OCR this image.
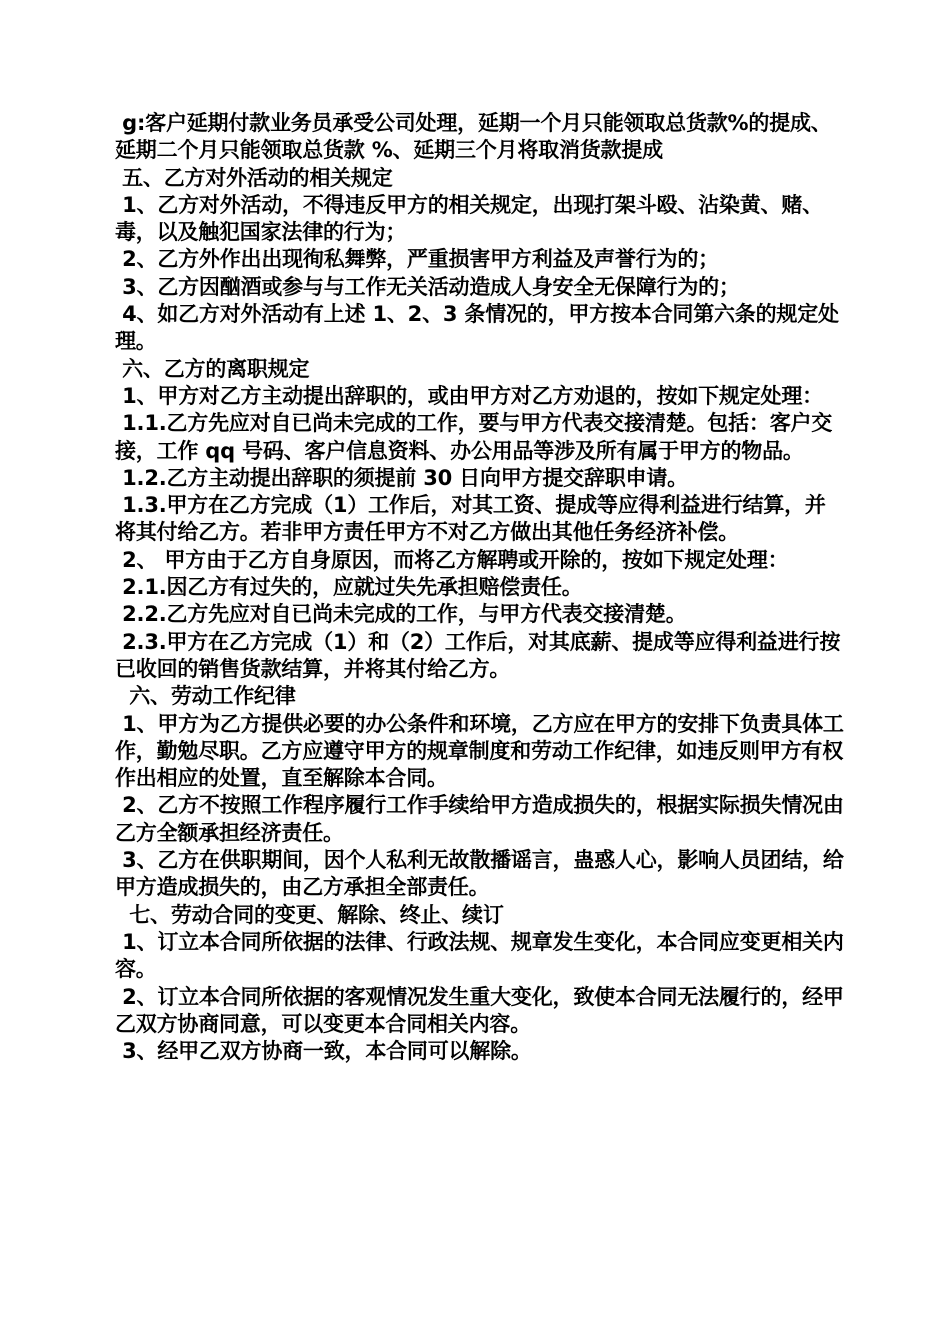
g:客户延期付款业务员承受公司处理，延期一个月只能领取总货款%的提成、延期二个月只能领取总货款 %、延期三个月将取消货款提成

五、乙方对外活动的相关规定

1、乙方对外活动，不得违反甲方的相关规定，出现打架斗殴、沾染黄、赌、毒，以及触犯国家法律的行为；

2、乙方外作出出现徇私舞弊，严重损害甲方利益及声誉行为的；

3、乙方因酗酒或参与与工作无关活动造成人身安全无保障行为的；

4、如乙方对外活动有上述 1、2、3 条情况的，甲方按本合同第六条的规定处理。

六、乙方的离职规定

1、甲方对乙方主动提出辞职的，或由甲方对乙方劝退的，按如下规定处理：

1.1.乙方先应对自已尚未完成的工作，要与甲方代表交接清楚。包括：客户交接，工作 qq 号码、客户信息资料、办公用品等涉及所有属于甲方的物品。

1.2.乙方主动提出辞职的须提前 30 日向甲方提交辞职申请。

1.3.甲方在乙方完成（1）工作后，对其工资、提成等应得利益进行结算，并将其付给乙方。若非甲方责任甲方不对乙方做出其他任务经济补偿。

2、 甲方由于乙方自身原因，而将乙方解聘或开除的，按如下规定处理：

2.1.因乙方有过失的，应就过失先承担赔偿责任。

2.2.乙方先应对自已尚未完成的工作，与甲方代表交接清楚。

2.3.甲方在乙方完成（1）和（2）工作后，对其底薪、提成等应得利益进行按已收回的销售货款结算，并将其付给乙方。

六、劳动工作纪律

1、甲方为乙方提供必要的办公条件和环境，乙方应在甲方的安排下负责具体工作，勤勉尽职。乙方应遵守甲方的规章制度和劳动工作纪律，如违反则甲方有权作出相应的处置，直至解除本合同。

2、乙方不按照工作程序履行工作手续给甲方造成损失的，根据实际损失情况由乙方全额承担经济责任。

3、乙方在供职期间，因个人私利无故散播谣言，蛊惑人心，影响人员团结，给甲方造成损失的，由乙方承担全部责任。

七、劳动合同的变更、解除、终止、续订

1、订立本合同所依据的法律、行政法规、规章发生变化，本合同应变更相关内容。

2、订立本合同所依据的客观情况发生重大变化，致使本合同无法履行的，经甲乙双方协商同意，可以变更本合同相关内容。

3、经甲乙双方协商一致，本合同可以解除。
